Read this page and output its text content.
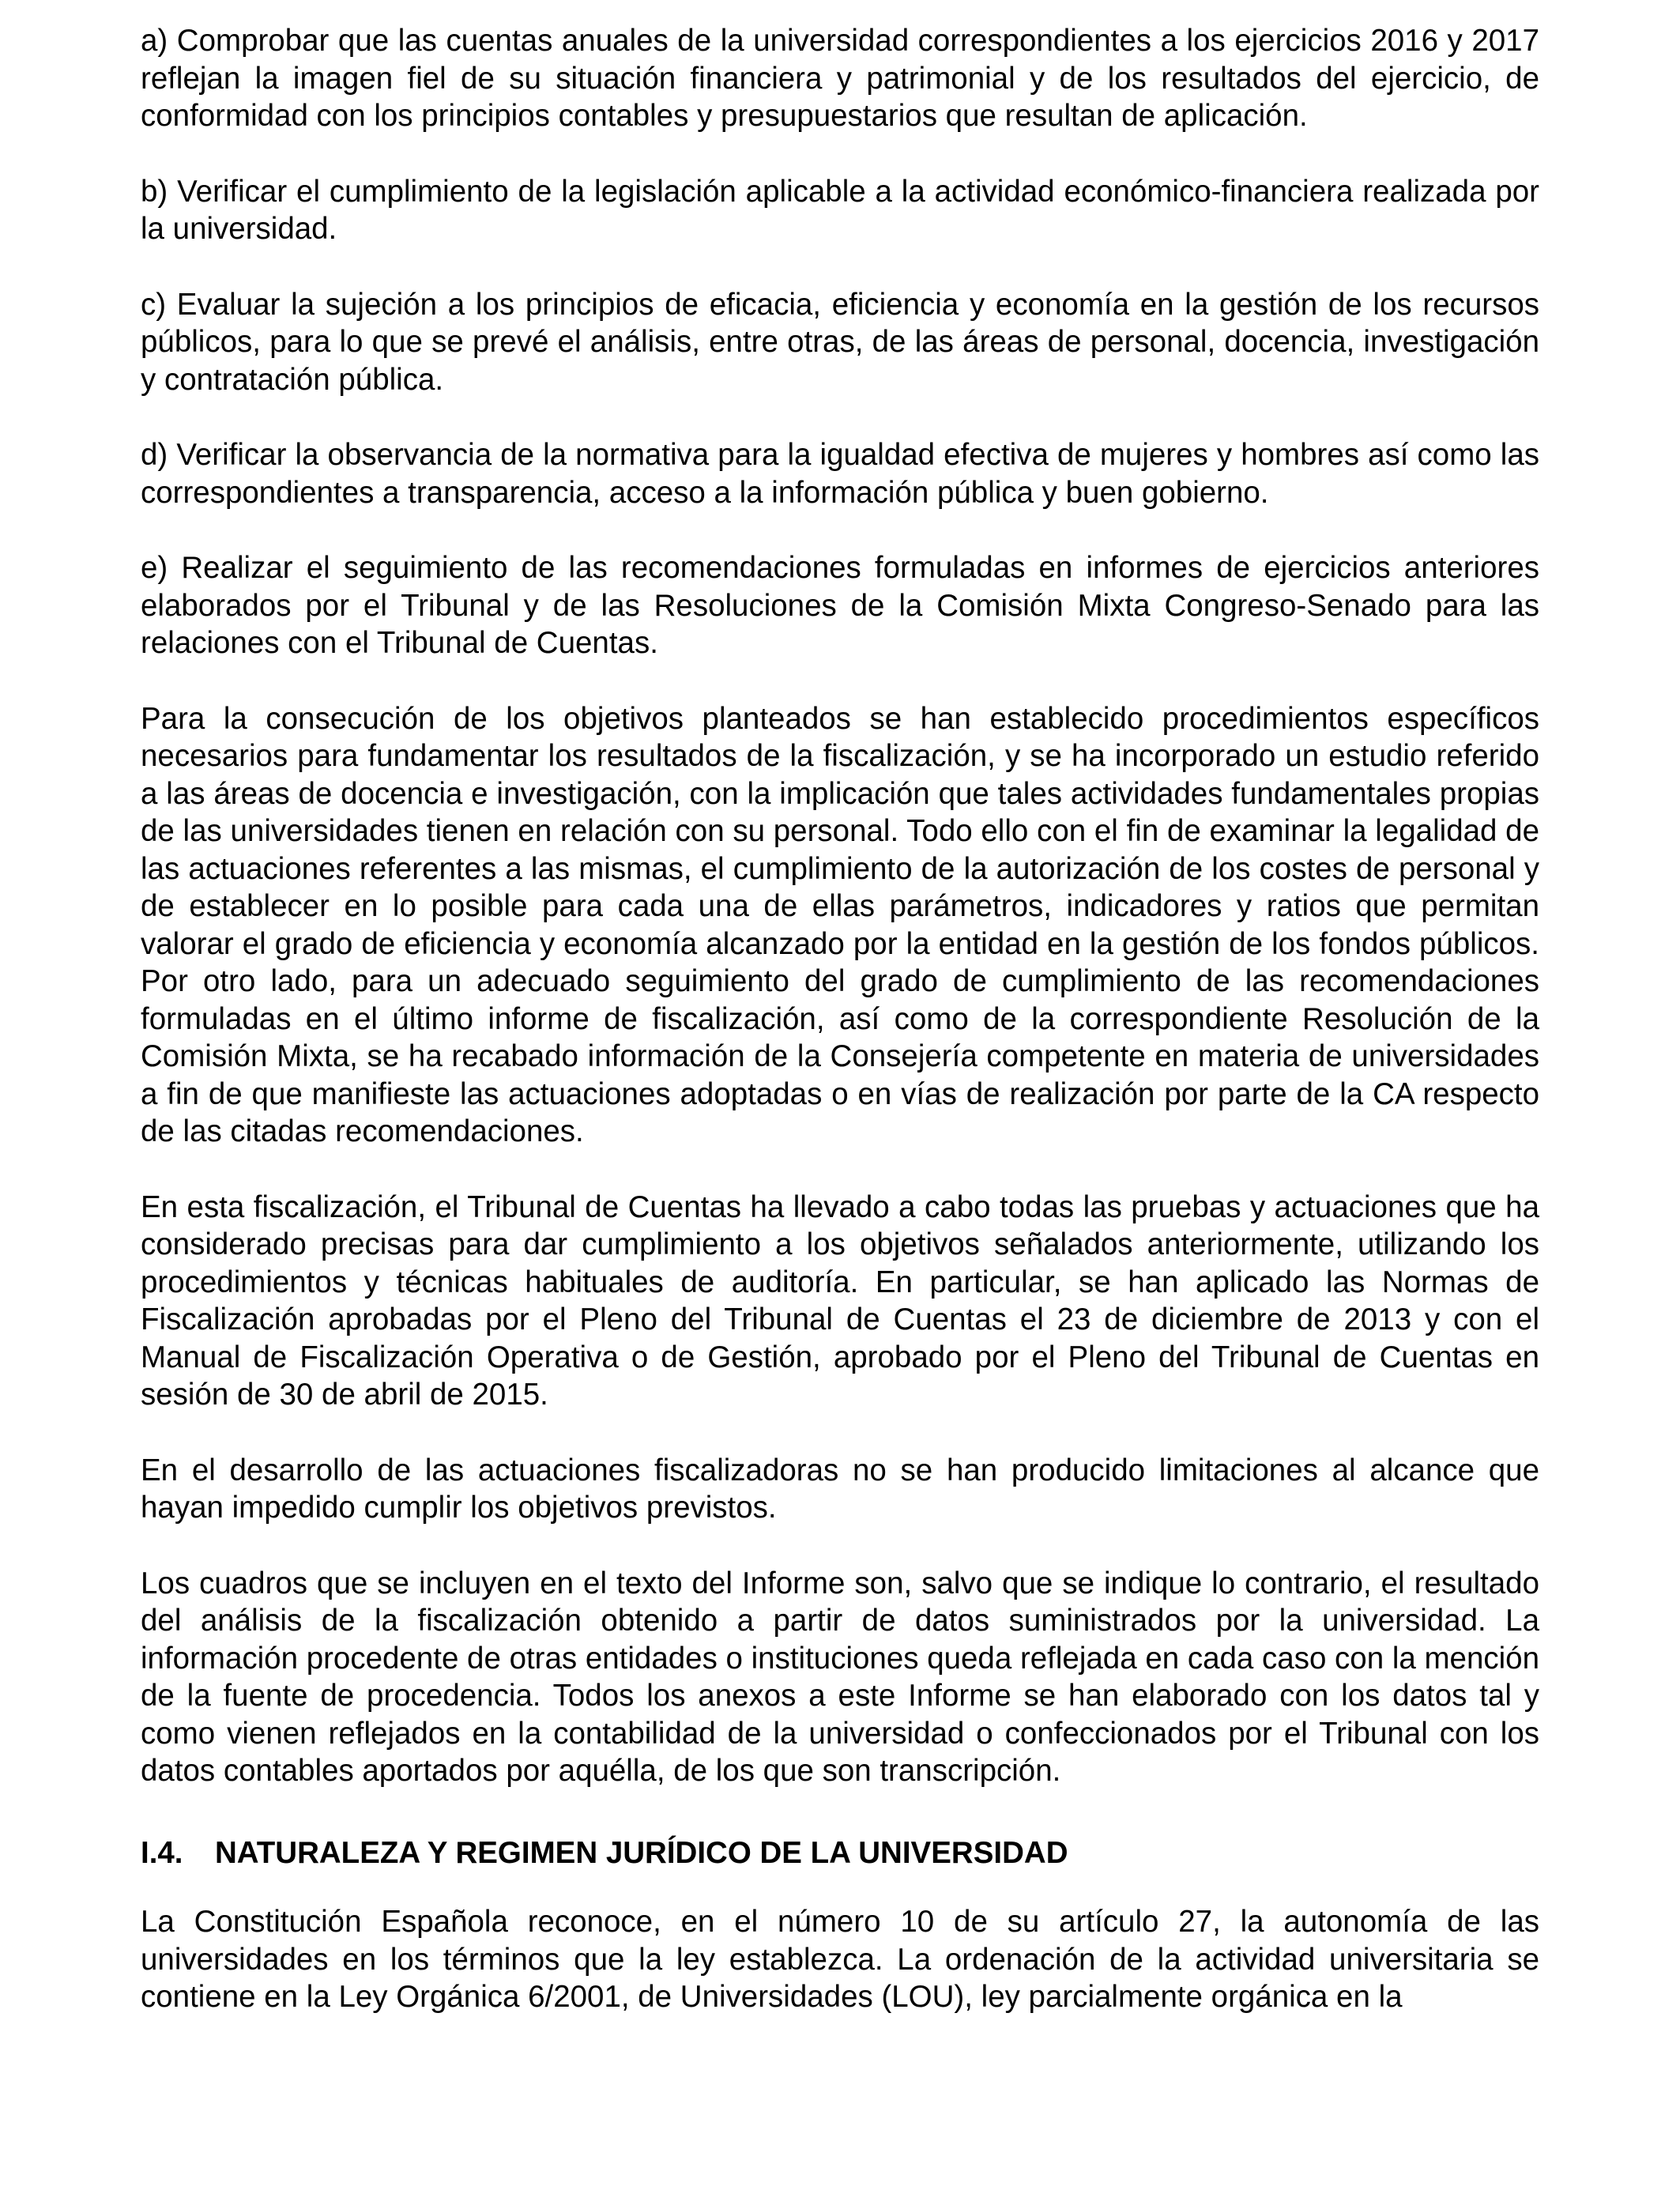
a) Comprobar que las cuentas anuales de la universidad correspondientes a los ejercicios 2016 y 2017 reflejan la imagen fiel de su situación financiera y patrimonial y de los resultados del ejercicio, de conformidad con los principios contables y presupuestarios que resultan de aplicación.

b) Verificar el cumplimiento de la legislación aplicable a la actividad económico-financiera realizada por la universidad.

c) Evaluar la sujeción a los principios de eficacia, eficiencia y economía en la gestión de los recursos públicos, para lo que se prevé el análisis, entre otras, de las áreas de personal, docencia, investigación y contratación pública.

d) Verificar la observancia de la normativa para la igualdad efectiva de mujeres y hombres así como las correspondientes a transparencia, acceso a la información pública y buen gobierno.

e) Realizar el seguimiento de las recomendaciones formuladas en informes de ejercicios anteriores elaborados por el Tribunal y de las Resoluciones de la Comisión Mixta Congreso-Senado para las relaciones con el Tribunal de Cuentas.

Para la consecución de los objetivos planteados se han establecido procedimientos específicos necesarios para fundamentar los resultados de la fiscalización, y se ha incorporado un estudio referido a las áreas de docencia e investigación, con la implicación que tales actividades fundamentales propias de las universidades tienen en relación con su personal. Todo ello con el fin de examinar la legalidad de las actuaciones referentes a las mismas, el cumplimiento de la autorización de los costes de personal y de establecer en lo posible para cada una de ellas parámetros, indicadores y ratios que permitan valorar el grado de eficiencia y economía alcanzado por la entidad en la gestión de los fondos públicos. Por otro lado, para un adecuado seguimiento del grado de cumplimiento de las recomendaciones formuladas en el último informe de fiscalización, así como de la correspondiente Resolución de la Comisión Mixta, se ha recabado información de la Consejería competente en materia de universidades a fin de que manifieste las actuaciones adoptadas o en vías de realización por parte de la CA respecto de las citadas recomendaciones.

En esta fiscalización, el Tribunal de Cuentas ha llevado a cabo todas las pruebas y actuaciones que ha considerado precisas para dar cumplimiento a los objetivos señalados anteriormente, utilizando los procedimientos y técnicas habituales de auditoría. En particular, se han aplicado las Normas de Fiscalización aprobadas por el Pleno del Tribunal de Cuentas el 23 de diciembre de 2013 y con el Manual de Fiscalización Operativa o de Gestión, aprobado por el Pleno del Tribunal de Cuentas en sesión de 30 de abril de 2015.

En el desarrollo de las actuaciones fiscalizadoras no se han producido limitaciones al alcance que hayan impedido cumplir los objetivos previstos.

Los cuadros que se incluyen en el texto del Informe son, salvo que se indique lo contrario, el resultado del análisis de la fiscalización obtenido a partir de datos suministrados por la universidad. La información procedente de otras entidades o instituciones queda reflejada en cada caso con la mención de la fuente de procedencia. Todos los anexos a este Informe se han elaborado con los datos tal y como vienen reflejados en la contabilidad de la universidad o confeccionados por el Tribunal con los datos contables aportados por aquélla, de los que son transcripción.

I.4. NATURALEZA Y REGIMEN JURÍDICO DE LA UNIVERSIDAD

La Constitución Española reconoce, en el número 10 de su artículo 27, la autonomía de las universidades en los términos que la ley establezca. La ordenación de la actividad universitaria se contiene en la Ley Orgánica 6/2001, de Universidades (LOU), ley parcialmente orgánica en la
